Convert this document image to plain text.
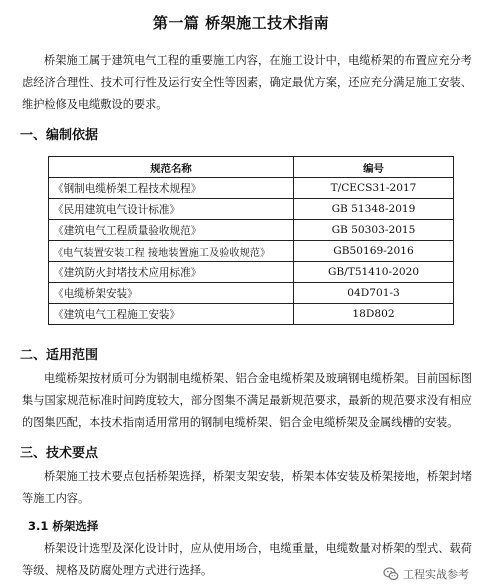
第一篇 桥架施工技术指南
桥架施工属于建筑电气工程的重要施工内容，在施工设计中，电缆桥架的布置应充分考虑经济合理性、技术可行性及运行安全性等因素，确定最优方案，还应充分满足施工安装、维护检修及电缆敷设的要求。
一、编制依据
规范名称	编号
《钢制电缆桥架工程技术规程》	T/CECS31-2017
《民用建筑电气设计标准》	GB 51348-2019
《建筑电气工程质量验收规范》	GB 50303-2015
《电气装置安装工程 接地装置施工及验收规范》	GB50169-2016
《建筑防火封堵技术应用标准》	GB/T51410-2020
《电缆桥架安装》	04D701-3
《建筑电气工程施工安装》	18D802
二、适用范围
电缆桥架按材质可分为钢制电缆桥架、铝合金电缆桥架及玻璃钢电缆桥架。目前国标图集与国家规范标准时间跨度较大，部分图集不满足最新规范要求，最新的规范要求没有相应的图集匹配，本技术指南适用常用的钢制电缆桥架、铝合金电缆桥架及金属线槽的安装。
三、技术要点
桥架施工技术要点包括桥架选择，桥架支架安装，桥架本体安装及桥架接地，桥架封堵等施工内容。
3.1 桥架选择
桥架设计选型及深化设计时，应从使用场合，电缆重量，电缆数量对桥架的型式、载荷等级、规格及防腐处理方式进行选择。	工程实战参考
